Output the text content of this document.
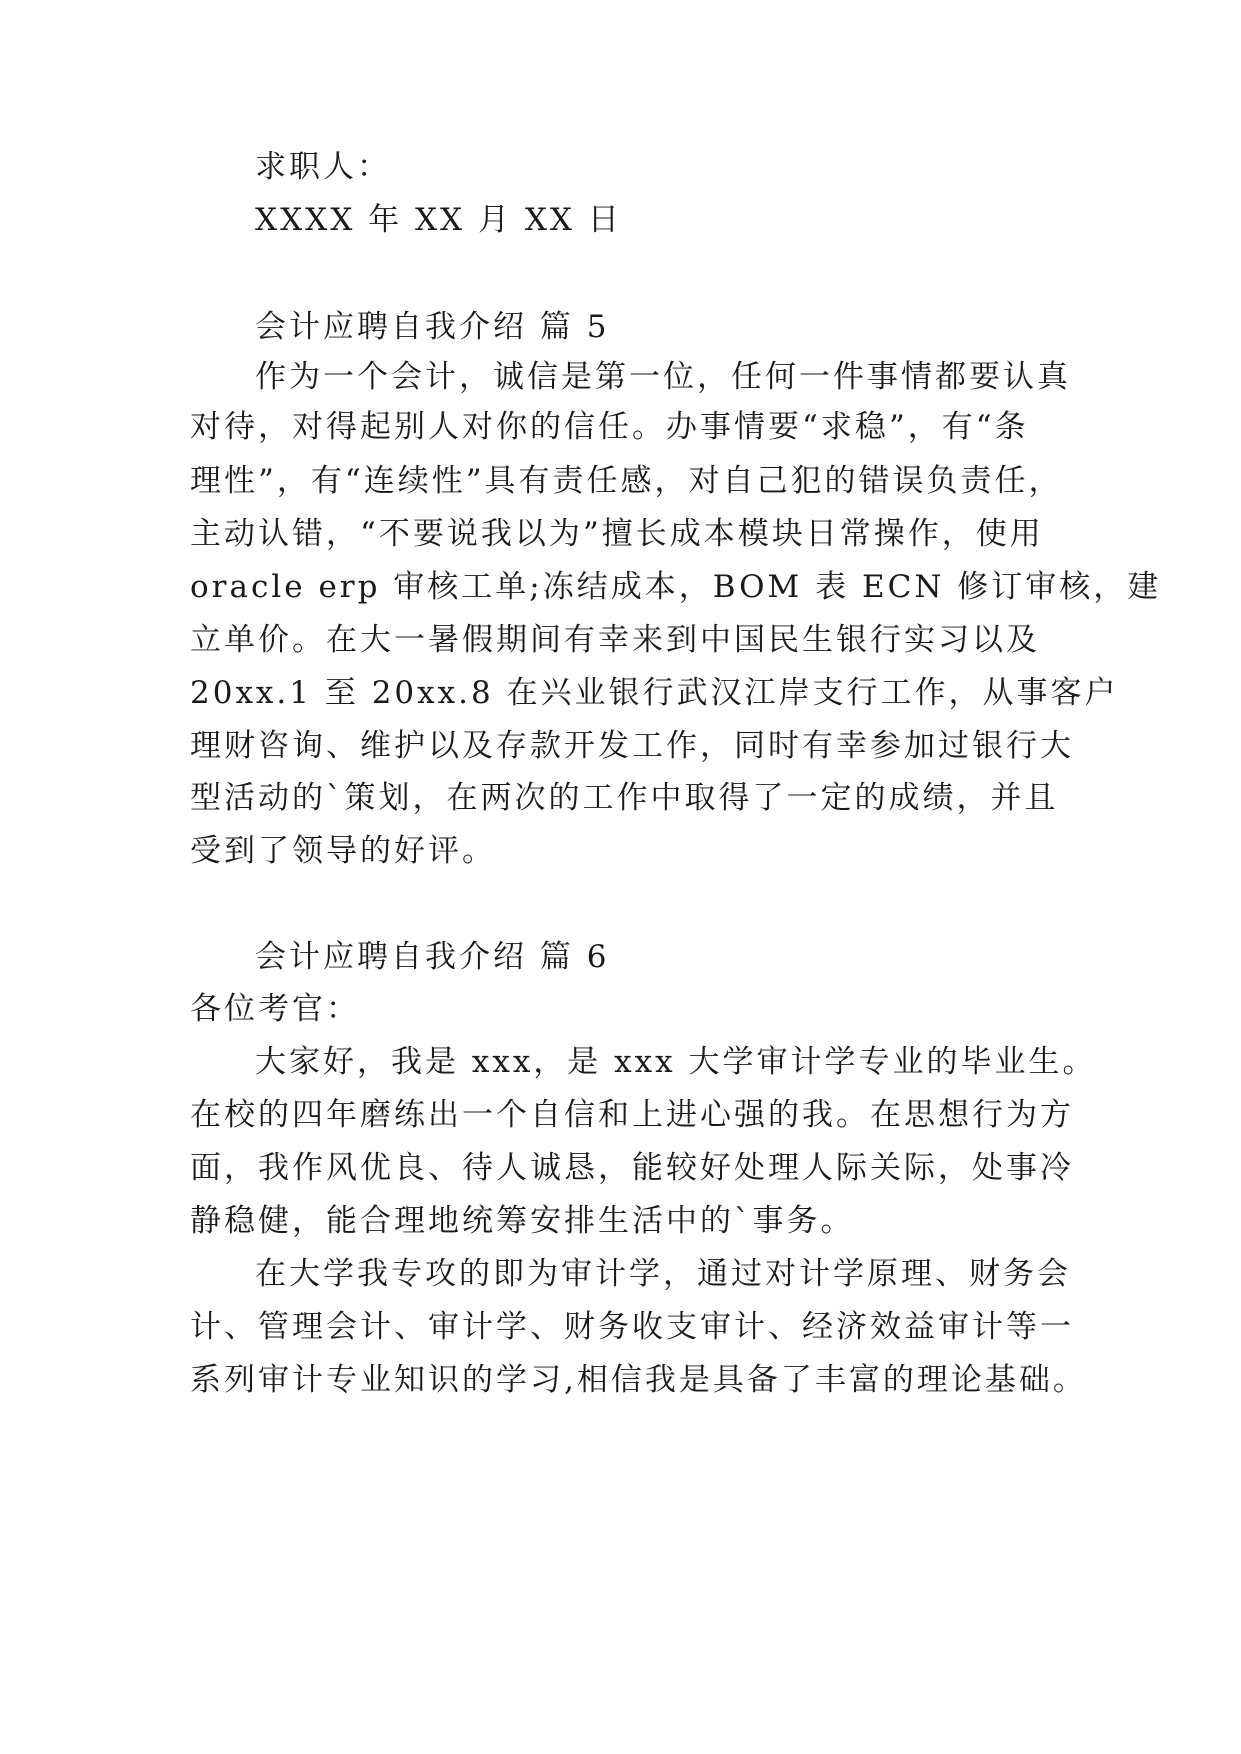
求职人：

XXXX 年 XX 月 XX 日

会计应聘自我介绍 篇 5

作为一个会计，诚信是第一位，任何一件事情都要认真

对待，对得起别人对你的信任。办事情要“求稳”，有“条

理性”，有“连续性”具有责任感，对自己犯的错误负责任，

主动认错，“不要说我以为”擅长成本模块日常操作，使用

oracle erp 审核工单;冻结成本，BOM 表 ECN 修订审核，建

立单价。在大一暑假期间有幸来到中国民生银行实习以及

20xx.1 至 20xx.8 在兴业银行武汉江岸支行工作，从事客户

理财咨询、维护以及存款开发工作，同时有幸参加过银行大

型活动的`策划，在两次的工作中取得了一定的成绩，并且

受到了领导的好评。

会计应聘自我介绍 篇 6

各位考官：

大家好，我是 xxx，是 xxx 大学审计学专业的毕业生。

在校的四年磨练出一个自信和上进心强的我。在思想行为方

面，我作风优良、待人诚恳，能较好处理人际关际，处事冷

静稳健，能合理地统筹安排生活中的`事务。

在大学我专攻的即为审计学，通过对计学原理、财务会

计、管理会计、审计学、财务收支审计、经济效益审计等一

系列审计专业知识的学习,相信我是具备了丰富的理论基础。
